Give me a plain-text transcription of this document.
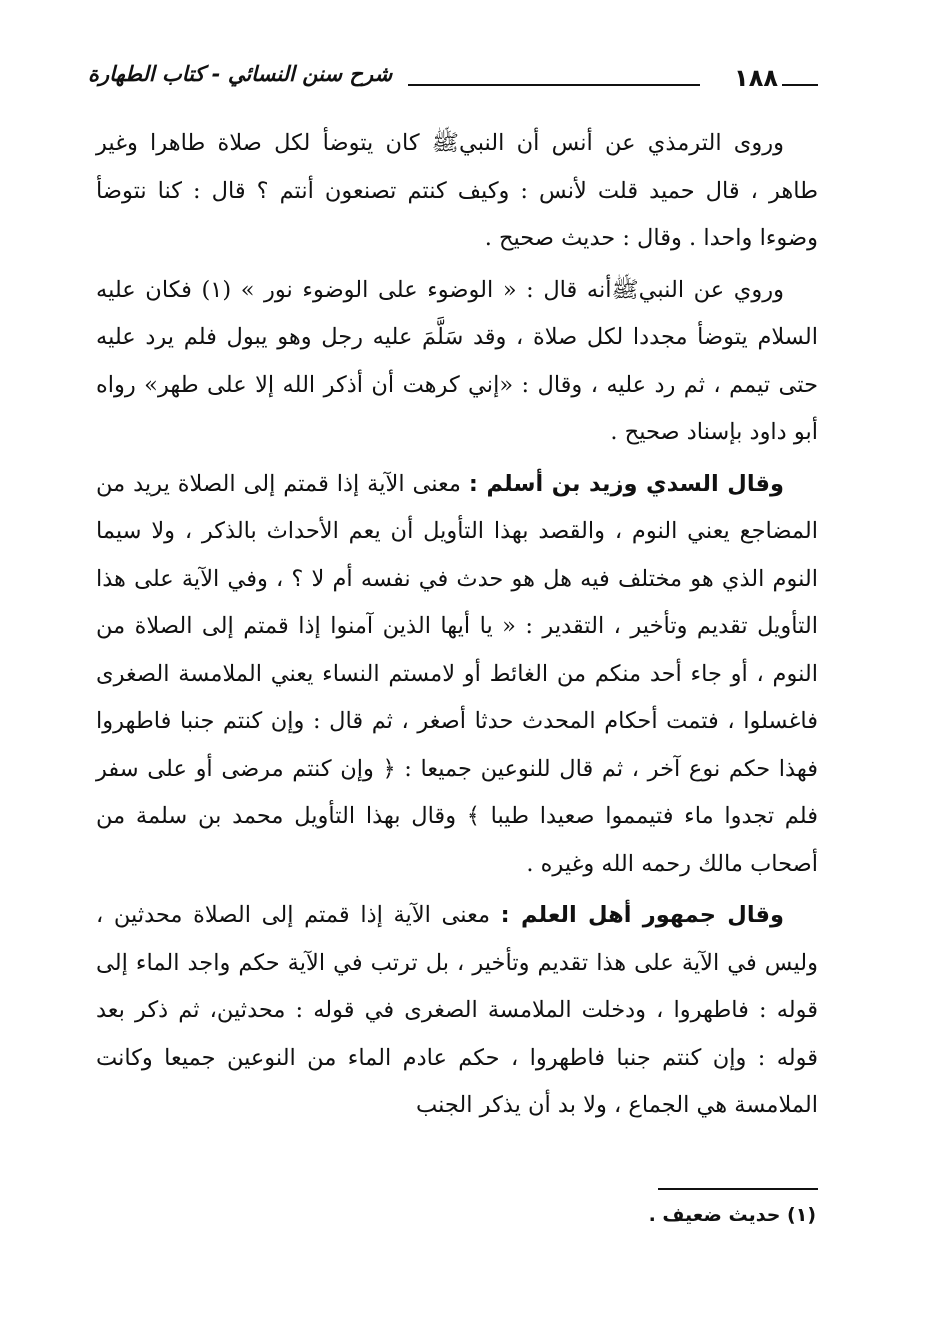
شرح سنن النسائي - كتاب الطهارة	١٨٨

وروى الترمذي عن أنس أن النبيﷺ كان يتوضأ لكل صلاة طاهرا وغير طاهر ، قال حميد قلت لأنس : وكيف كنتم تصنعون أنتم ؟ قال : كنا نتوضأ وضوءا واحدا . وقال : حديث صحيح .

وروي عن النبيﷺأنه قال : « الوضوء على الوضوء نور » (١) فكان عليه السلام يتوضأ مجددا لكل صلاة ، وقد سَلَّمَ عليه رجل وهو يبول فلم يرد عليه حتى تيمم ، ثم رد عليه ، وقال : «إني كرهت أن أذكر الله إلا على طهر» رواه أبو داود بإسناد صحيح .

وقال السدي وزيد بن أسلم : معنى الآية إذا قمتم إلى الصلاة يريد من المضاجع يعني النوم ، والقصد بهذا التأويل أن يعم الأحداث بالذكر ، ولا سيما النوم الذي هو مختلف فيه هل هو حدث في نفسه أم لا ؟ ، وفي الآية على هذا التأويل تقديم وتأخير ، التقدير : « يا أيها الذين آمنوا إذا قمتم إلى الصلاة من النوم ، أو جاء أحد منكم من الغائط أو لامستم النساء يعني الملامسة الصغرى فاغسلوا ، فتمت أحكام المحدث حدثا أصغر ، ثم قال : وإن كنتم جنبا فاطهروا فهذا حكم نوع آخر ، ثم قال للنوعين جميعا : ﴿ وإن كنتم مرضى أو على سفر فلم تجدوا ماء فتيمموا صعيدا طيبا ﴾ وقال بهذا التأويل محمد بن سلمة من أصحاب مالك رحمه الله وغيره .

وقال جمهور أهل العلم : معنى الآية إذا قمتم إلى الصلاة محدثين ، وليس في الآية على هذا تقديم وتأخير ، بل ترتب في الآية حكم واجد الماء إلى قوله : فاطهروا ، ودخلت الملامسة الصغرى في قوله : محدثين، ثم ذكر بعد قوله : وإن كنتم جنبا فاطهروا ، حكم عادم الماء من النوعين جميعا وكانت الملامسة هي الجماع ، ولا بد أن يذكر الجنب

(١) حديث ضعيف .
